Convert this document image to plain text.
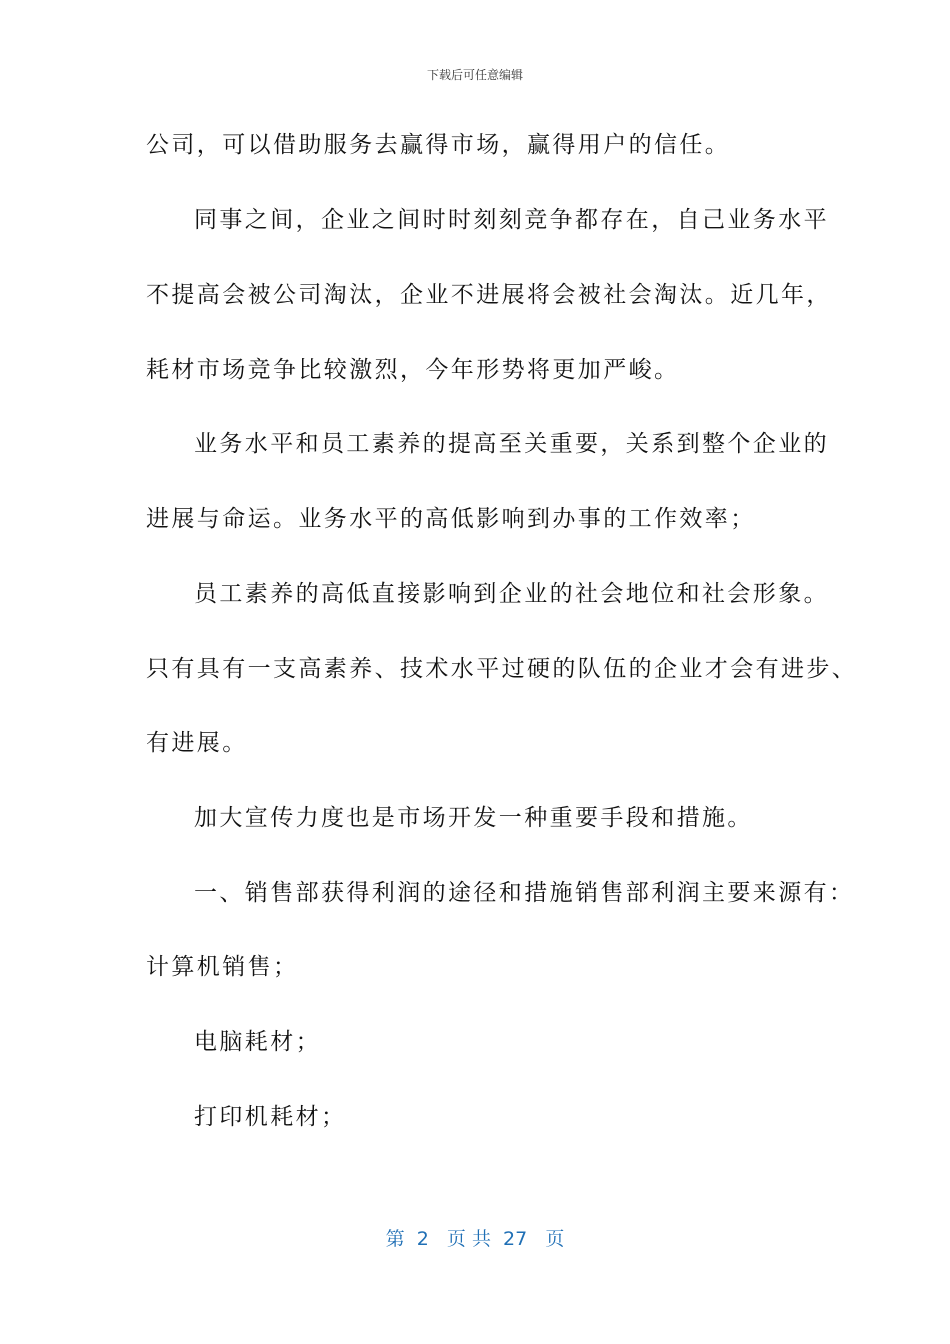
下载后可任意编辑
公司，可以借助服务去赢得市场，赢得用户的信任。
同事之间，企业之间时时刻刻竞争都存在，自己业务水平
不提高会被公司淘汰，企业不进展将会被社会淘汰。近几年，
耗材市场竞争比较激烈，今年形势将更加严峻。
业务水平和员工素养的提高至关重要，关系到整个企业的
进展与命运。业务水平的高低影响到办事的工作效率；
员工素养的高低直接影响到企业的社会地位和社会形象。
只有具有一支高素养、技术水平过硬的队伍的企业才会有进步、
有进展。
加大宣传力度也是市场开发一种重要手段和措施。
一、销售部获得利润的途径和措施销售部利润主要来源有：
计算机销售；
电脑耗材；
打印机耗材；
第  2   页 共  27   页
